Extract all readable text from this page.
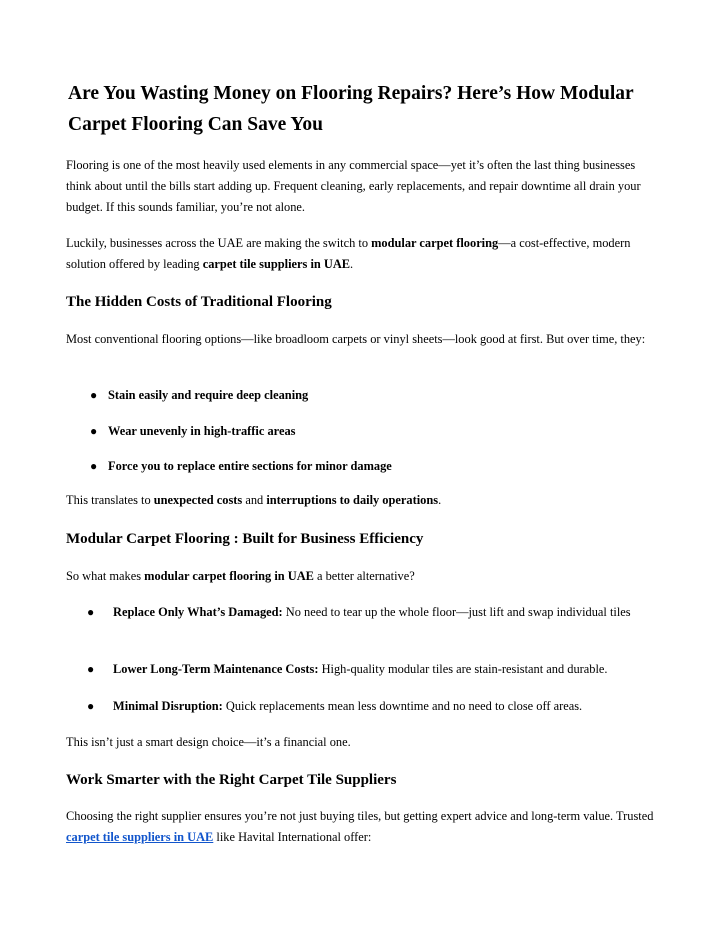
Are You Wasting Money on Flooring Repairs? Here’s How Modular Carpet Flooring Can Save You

Flooring is one of the most heavily used elements in any commercial space—yet it’s often the last thing businesses think about until the bills start adding up. Frequent cleaning, early replacements, and repair downtime all drain your budget. If this sounds familiar, you’re not alone.

Luckily, businesses across the UAE are making the switch to modular carpet flooring—a cost-effective, modern solution offered by leading carpet tile suppliers in UAE.

The Hidden Costs of Traditional Flooring

Most conventional flooring options—like broadloom carpets or vinyl sheets—look good at first. But over time, they:

● Stain easily and require deep cleaning
● Wear unevenly in high-traffic areas
● Force you to replace entire sections for minor damage

This translates to unexpected costs and interruptions to daily operations.

Modular Carpet Flooring : Built for Business Efficiency

So what makes modular carpet flooring in UAE a better alternative?

●	Replace Only What’s Damaged: No need to tear up the whole floor—just lift and swap individual tiles
●	Lower Long-Term Maintenance Costs: High-quality modular tiles are stain-resistant and durable.
●	Minimal Disruption: Quick replacements mean less downtime and no need to close off areas.

This isn’t just a smart design choice—it’s a financial one.

Work Smarter with the Right Carpet Tile Suppliers

Choosing the right supplier ensures you’re not just buying tiles, but getting expert advice and long-term value. Trusted carpet tile suppliers in UAE like Havital International offer:
